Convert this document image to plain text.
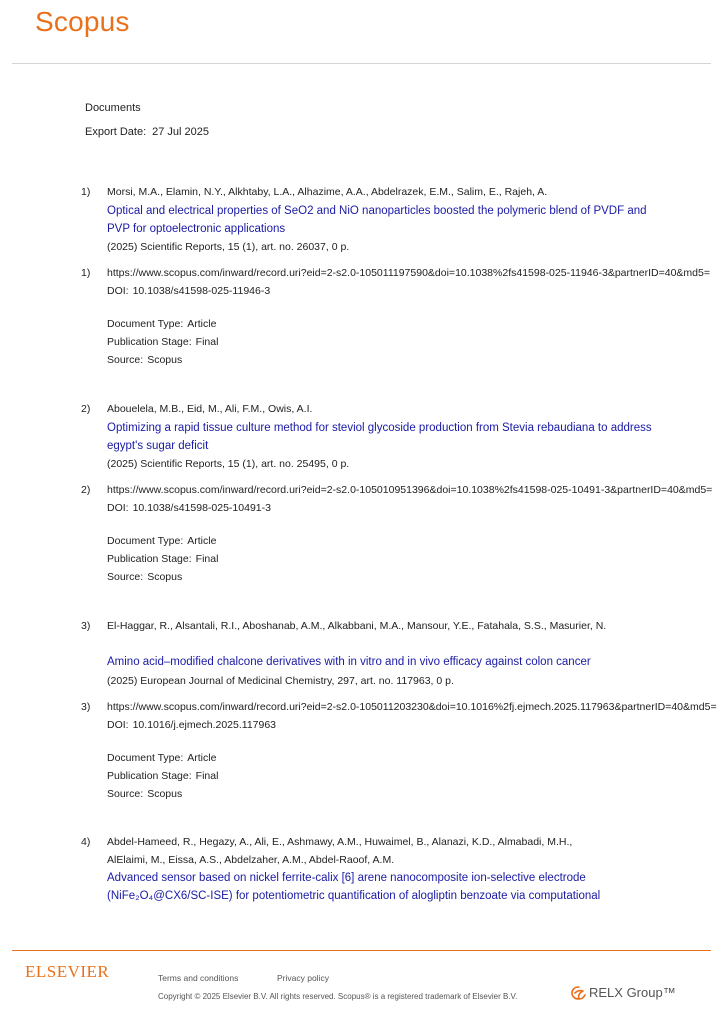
Scopus
Documents
Export Date: 27 Jul 2025
1) Morsi, M.A., Elamin, N.Y., Alkhtaby, L.A., Alhazime, A.A., Abdelrazek, E.M., Salim, E., Rajeh, A.
Optical and electrical properties of SeO2 and NiO nanoparticles boosted the polymeric blend of PVDF and PVP for optoelectronic applications
(2025) Scientific Reports, 15 (1), art. no. 26037, 0 p.
1) https://www.scopus.com/inward/record.uri?eid=2-s2.0-105011197590&doi=10.1038%2fs41598-025-11946-3&partnerID=40&md5=
DOI: 10.1038/s41598-025-11946-3
Document Type: Article
Publication Stage: Final
Source: Scopus
2) Abouelela, M.B., Eid, M., Ali, F.M., Owis, A.I.
Optimizing a rapid tissue culture method for steviol glycoside production from Stevia rebaudiana to address egypt's sugar deficit
(2025) Scientific Reports, 15 (1), art. no. 25495, 0 p.
2) https://www.scopus.com/inward/record.uri?eid=2-s2.0-105010951396&doi=10.1038%2fs41598-025-10491-3&partnerID=40&md5=
DOI: 10.1038/s41598-025-10491-3
Document Type: Article
Publication Stage: Final
Source: Scopus
3) El-Haggar, R., Alsantali, R.I., Aboshanab, A.M., Alkabbani, M.A., Mansour, Y.E., Fatahala, S.S., Masurier, N.
Amino acid–modified chalcone derivatives with in vitro and in vivo efficacy against colon cancer
(2025) European Journal of Medicinal Chemistry, 297, art. no. 117963, 0 p.
3) https://www.scopus.com/inward/record.uri?eid=2-s2.0-105011203230&doi=10.1016%2fj.ejmech.2025.117963&partnerID=40&md5=
DOI: 10.1016/j.ejmech.2025.117963
Document Type: Article
Publication Stage: Final
Source: Scopus
4) Abdel-Hameed, R., Hegazy, A., Ali, E., Ashmawy, A.M., Huwaimel, B., Alanazi, K.D., Almabadi, M.H., AlElaimi, M., Eissa, A.S., Abdelzaher, A.M., Abdel-Raoof, A.M.
Advanced sensor based on nickel ferrite-calix [6] arene nanocomposite ion-selective electrode (NiFe₂O₄@CX6/SC-ISE) for potentiometric quantification of alogliptin benzoate via computational
ELSEVIER	Terms and conditions	Privacy policy
Copyright © 2025 Elsevier B.V. All rights reserved. Scopus® is a registered trademark of Elsevier B.V.	RELX Group™
